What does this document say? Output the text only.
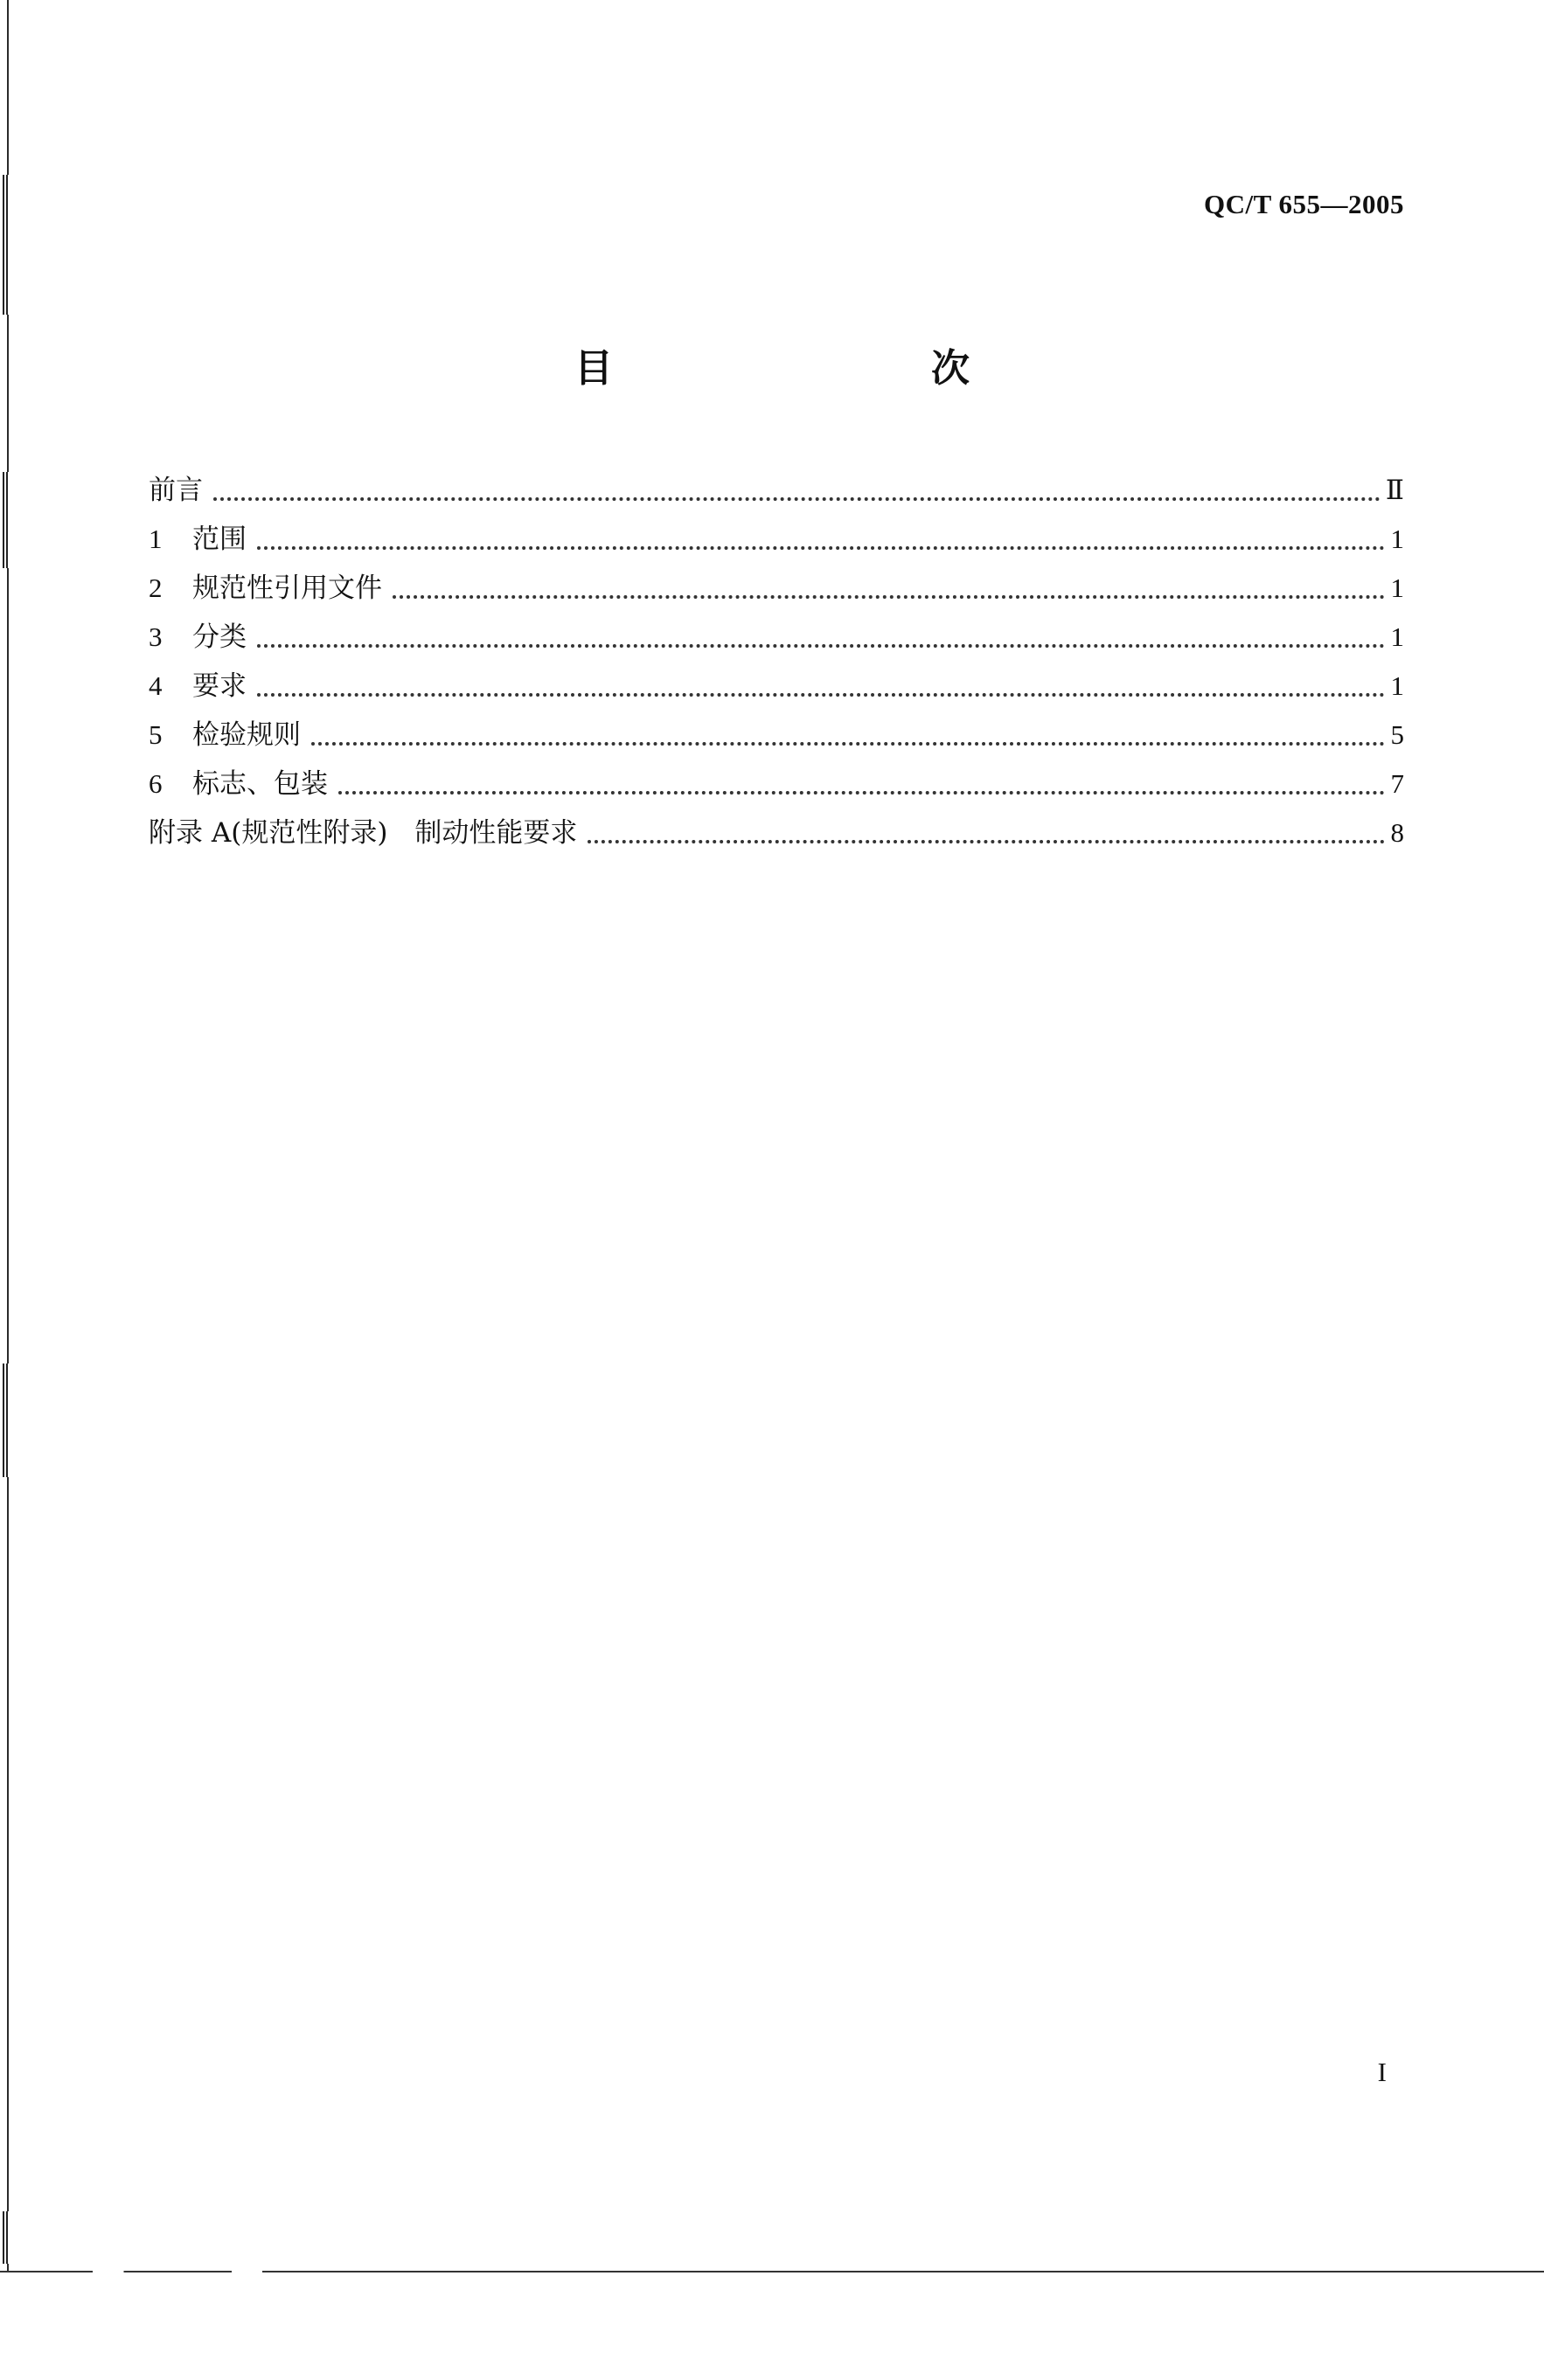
QC/T 655—2005
目　　次
前言	Ⅱ
1	范围	1
2	规范性引用文件	1
3	分类	1
4	要求	1
5	检验规则	5
6	标志、包装	7
附录 A(规范性附录)　制动性能要求	8
I
